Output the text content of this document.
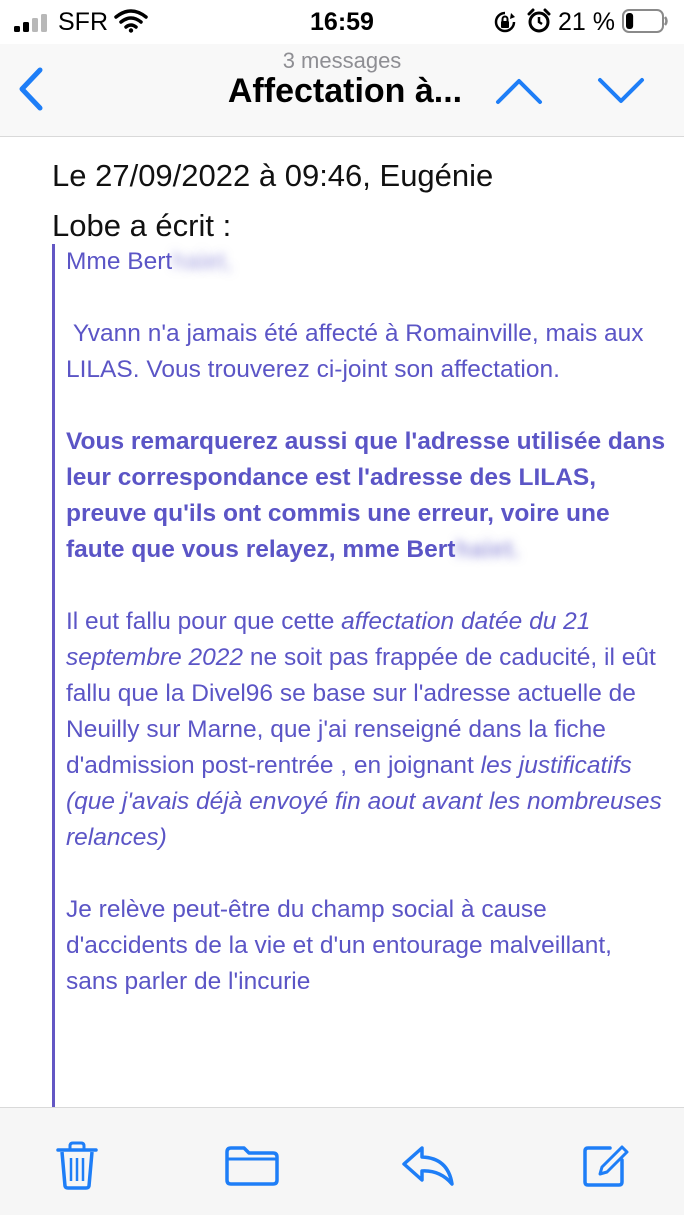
SFR	16:59	21 %
3 messages
Affectation à...
Le 27/09/2022 à 09:46, Eugénie
Lobe a écrit :

Mme Berthaiet,

Yvann n'a jamais été affecté à Romainville, mais aux LILAS. Vous trouverez ci-joint son affectation.

Vous remarquerez aussi que l'adresse utilisée dans leur correspondance est l'adresse des LILAS, preuve qu'ils ont commis une erreur, voire une faute que vous relayez, mme Berthaiet.

Il eut fallu pour que cette affectation datée du 21 septembre 2022 ne soit pas frappée de caducité, il eût fallu que la Divel96 se base sur l'adresse actuelle de Neuilly sur Marne, que j'ai renseigné dans la fiche d'admission post-rentrée , en joignant les justificatifs (que j'avais déjà envoyé fin aout avant les nombreuses relances)

Je relève peut-être du champ social à cause d'accidents de la vie et d'un entourage malveillant, sans parler de l'incurie
